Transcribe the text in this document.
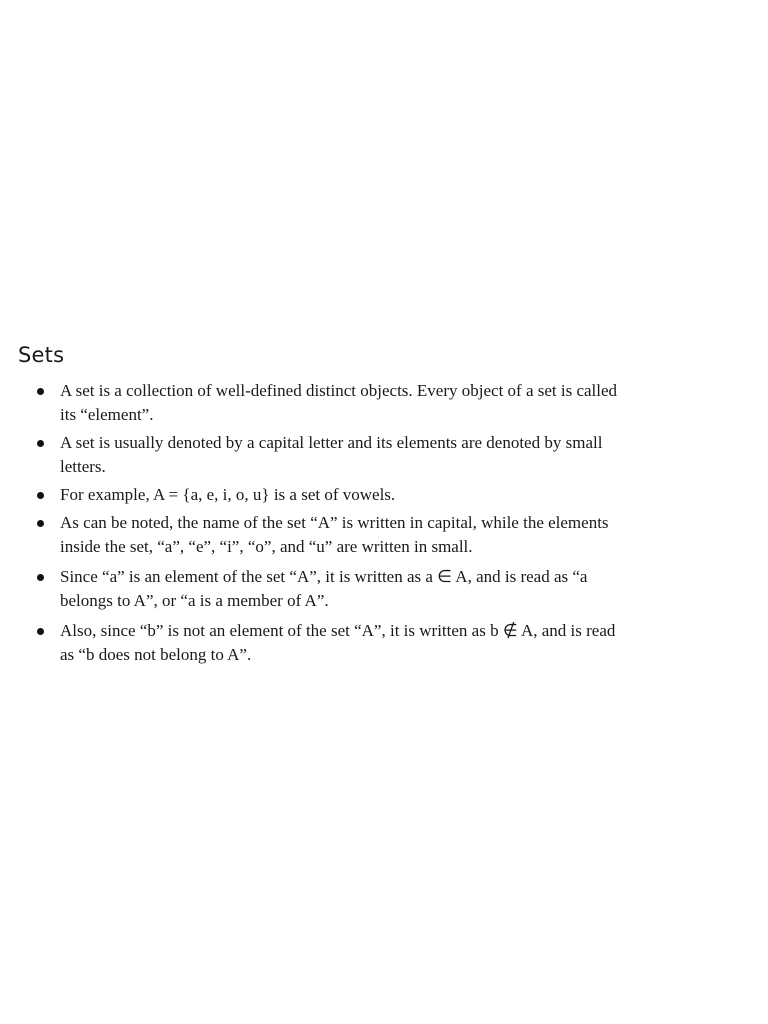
Sets
A set is a collection of well-defined distinct objects. Every object of a set is called
its “element”.
A set is usually denoted by a capital letter and its elements are denoted by small
letters.
For example, A = {a, e, i, o, u} is a set of vowels.
As can be noted, the name of the set “A” is written in capital, while the elements
inside the set, “a”, “e”, “i”, “o”, and “u” are written in small.
Since “a” is an element of the set “A”, it is written as a ∈ A, and is read as “a
belongs to A”, or “a is a member of A”.
Also, since “b” is not an element of the set “A”, it is written as b ∉ A, and is read
as “b does not belong to A”.
